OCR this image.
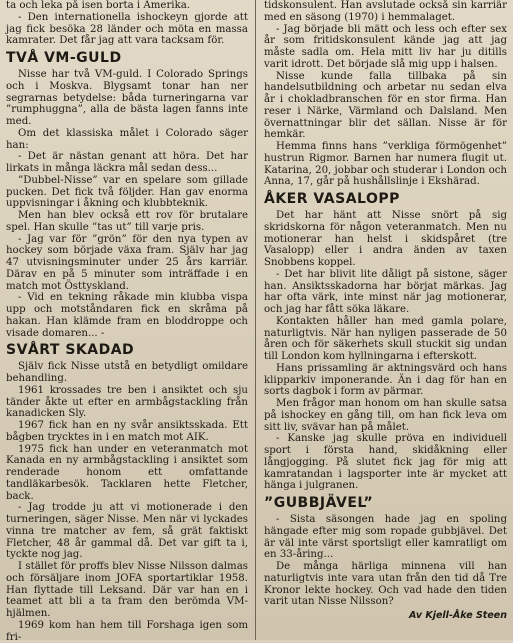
ta och leka på isen borta i Amerika.

- Den internationella ishockeyn gjorde att jag fick besöka 28 länder och möta en massa kamrater. Det får jag att vara tacksam för.

TVÅ VM-GULD

Nisse har två VM-guld. I Colorado Springs och i Moskva. Blygsamt tonar han ner segrarnas betydelse: båda turneringarna var ”rumphuggna”, alla de bästa lagen fanns inte med.

Om det klassiska målet i Colorado säger han:

- Det är nästan genant att höra. Det har lirkats in många läckra mål sedan dess...

”Dubbel-Nisse” var en spelare som gillade pucken. Det fick två följder. Han gav enorma uppvisningar i åkning och klubbteknik.

Men han blev också ett rov för brutalare spel. Han skulle ”tas ut” till varje pris.

- Jag var för ”grön” för den nya typen av hockey som började växa fram. Själv har jag 47 utvisningsminuter under 25 års karriär. Därav en på 5 minuter som inträffade i en match mot Östtyskland.

- Vid en tekning råkade min klubba vispa upp och motståndaren fick en skråma på hakan. Han klämde fram en bloddroppe och visade domaren... -

SVÅRT SKADAD

Själv fick Nisse utstå en betydligt omildare behandling.

1961 krossades tre ben i ansiktet och sju tänder åkte ut efter en armbågstackling från kanadicken Sly.

1967 fick han en ny svår ansiktsskada. Ett bågben trycktes in i en match mot AIK.

1975 fick han under en veteranmatch mot Kanada en ny armbågstackling i ansiktet som renderade honom ett omfattande tandläkarbesök. Tacklaren hette Fletcher, back.

- Jag trodde ju att vi motionerade i den turneringen, säger Nisse. Men när vi lyckades vinna tre matcher av fem, så grät faktiskt Fletcher, 48 år gammal då. Det var gift ta i, tyckte nog jag.

I stället för proffs blev Nisse Nilsson dalmas och försäljare inom JOFA sportartiklar 1958. Han flyttade till Leksand. Där var han en i teamet att bli a ta fram den berömda VM-hjälmen.

1969 kom han hem till Forshaga igen som fri-

tidskonsulent. Han avslutade också sin karriär med en säsong (1970) i hemmalaget.

- Jag började bli mätt och less och efter sex år som fritidskonsulent kände jag att jag måste sadla om. Hela mitt liv har ju ditills varit idrott. Det började slå mig upp i halsen.

Nisse kunde falla tillbaka på sin handelsutbildning och arbetar nu sedan elva år i chokladbranschen för en stor firma. Han reser i Närke, Värmland och Dalsland. Men övernattningar blir det sällan. Nisse är för hemkär.

Hemma finns hans ”verkliga förmögenhet” hustrun Rigmor. Barnen har numera flugit ut. Katarina, 20, jobbar och studerar i London och Anna, 17, går på hushållslinje i Ekshärad.

ÅKER VASALOPP

Det har hänt att Nisse snört på sig skridskorna för någon veteranmatch. Men nu motionerar han helst i skidspåret (tre Vasalopp) eller i andra änden av taxen Snobbens koppel.

- Det har blivit lite dåligt på sistone, säger han. Ansiktsskadorna har börjat märkas. Jag har ofta värk, inte minst när jag motionerar, och jag har fått söka läkare.

Kontakten håller han med gamla polare, naturligtvis. När han nyligen passerade de 50 åren och för säkerhets skull stuckit sig undan till London kom hyllningarna i efterskott.

Hans prissamling är aktningsvärd och hans klipparkiv imponerande. Än i dag för han en sorts dagbok i form av pärmar.

Men frågor man honom om han skulle satsa på ishockey en gång till, om han fick leva om sitt liv, svävar han på målet.

- Kanske jag skulle pröva en individuell sport i första hand, skidåkning eller långjogging. På slutet fick jag för mig att kamratandan i lagsporter inte är mycket att hänga i julgranen.

”GUBBJÄVEL”

- Sista säsongen hade jag en spoling hängade efter mig som ropade gubbjävel. Det är väl inte värst sportsligt eller kamratligt om en 33-åring...

De många härliga minnena vill han naturligtvis inte vara utan från den tid då Tre Kronor lekte hockey. Och vad hade den tiden varit utan Nisse Nilsson?

Av Kjell-Åke Steen
